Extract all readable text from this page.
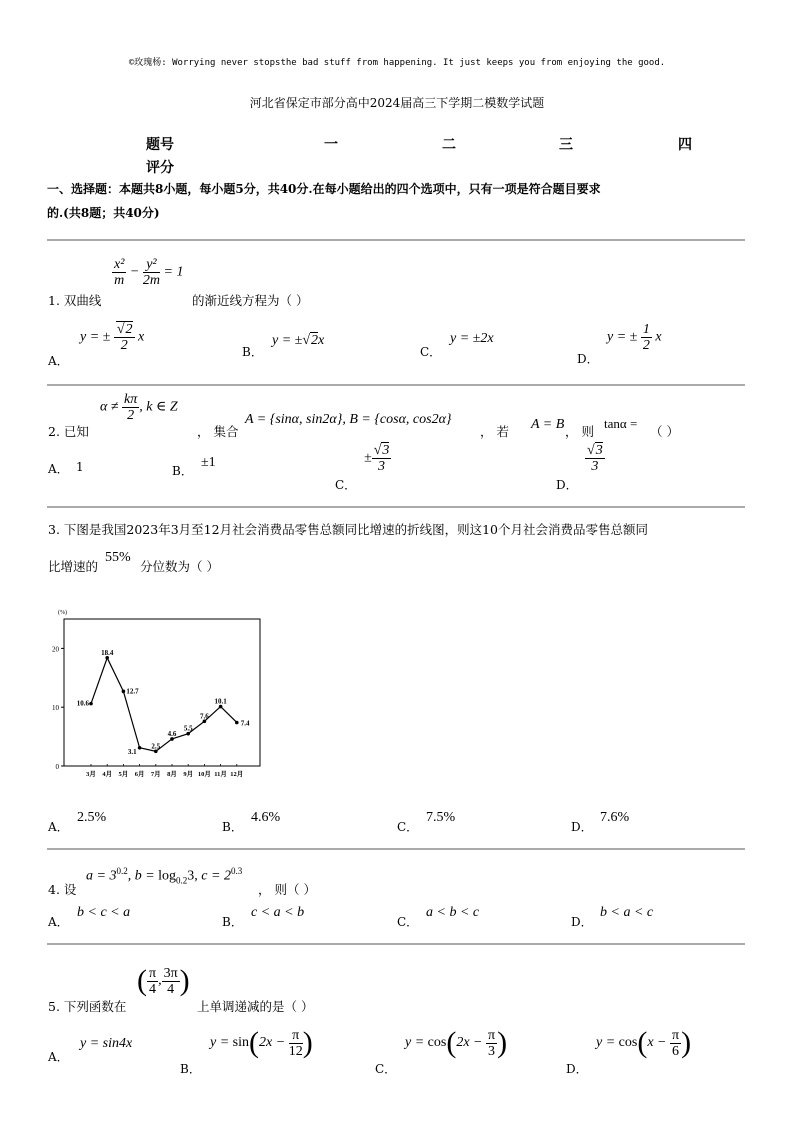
©玫瑰杨: Worrying never stopsthe bad stuff from happening. It just keeps you from enjoying the good.
河北省保定市部分高中2024届高三下学期二模数学试题
题号	一	二	三	四
评分
一、选择题：本题共8小题，每小题5分，共40分.在每小题给出的四个选项中，只有一项是符合题目要求
的.(共8题；共40分)
$\frac{\text{x²}}{m} - \frac{\text{y²}}{2m} = 1$
1. 双曲线	的渐近线方程为（ ）
A．
y = ± $\frac{√2}{2}$ x
B．
y = ±√2x
C．
y = ±2x
D．
y = ± $\frac{1}{2}$ x
2. 已知
$\alpha \ne \frac{k\pi}{2}$ , k ∈ Z
， 集合
A = {sinα, sin2α}, B = {cosα, cos2α}
， 若 A = B ， 则
tanα =
（ ）
A． 1	B．
±1
C．
± $\frac{√3}{3}$
D．
$\frac{√3}{3}$
3. 下图是我国2023年3月至12月社会消费品零售总额同比增速的折线图，则这10个月社会消费品零售总额同
比增速的
55%
分位数为（ ）
(%)
0
10
20
10.6
3月
18.4
4月
12.7
5月
3.1
6月
2.5
7月
4.6
8月
5.5
9月
7.6
10月
10.1
11月
7.4
12月
A．
2.5%
B．
4.6%
C．
7.5%
D．
7.6%
4. 设
$a = 3^{0.2}$, $b = \log_{0.2}3$, $c = 2^{0.3}$
， 则（ ）
A．
b < c < a
B．
c < a < b
C．
a < b < c
D．
b < a < c
5. 下列函数在
( $\frac{\pi}{4}$ , $\frac{3\pi}{4}$ )
上单调递减的是（ ）
A．
y = sin4x
B．
$y = \sin(2x - \frac{\pi}{12}$ )
C．
$y = \cos(2x - \frac{\pi}{3}$ )
D．
$y = \cos(x - \frac{\pi}{6}$ )
